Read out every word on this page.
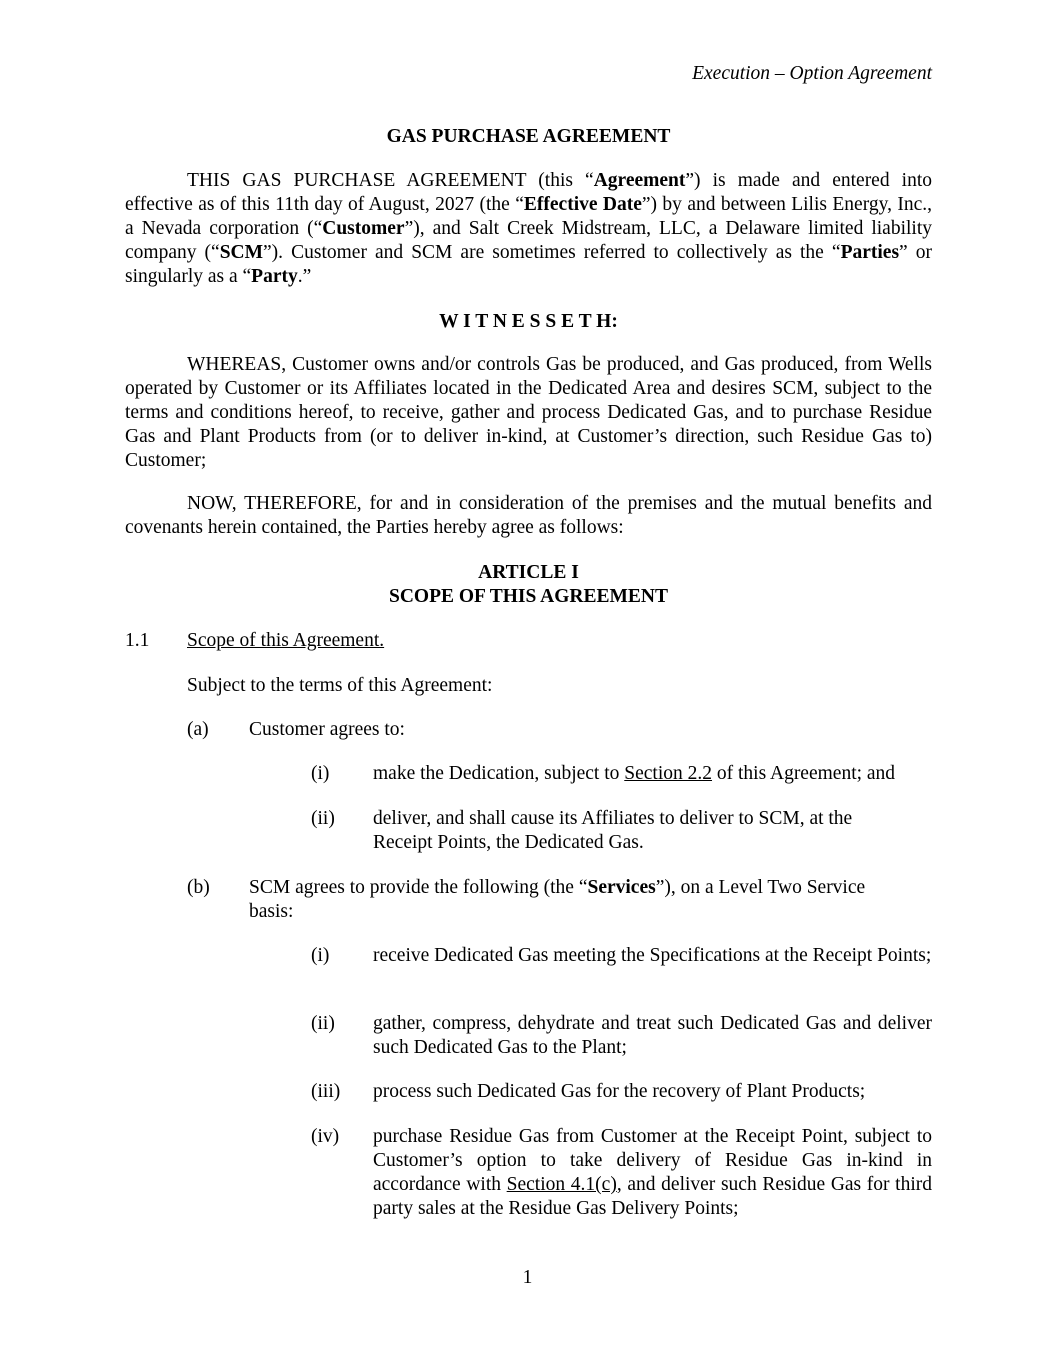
Execution – Option Agreement
GAS PURCHASE AGREEMENT

THIS GAS PURCHASE AGREEMENT (this “Agreement”) is made and entered into effective as of this 11th day of August, 2027 (the “Effective Date”) by and between Lilis Energy, Inc., a Nevada corporation (“Customer”), and Salt Creek Midstream, LLC, a Delaware limited liability company (“SCM”). Customer and SCM are sometimes referred to collectively as the “Parties” or singularly as a “Party.”

W I T N E S S E T H:

WHEREAS, Customer owns and/or controls Gas be produced, and Gas produced, from Wells operated by Customer or its Affiliates located in the Dedicated Area and desires SCM, subject to the terms and conditions hereof, to receive, gather and process Dedicated Gas, and to purchase Residue Gas and Plant Products from (or to deliver in-kind, at Customer’s direction, such Residue Gas to) Customer;

NOW, THEREFORE, for and in consideration of the premises and the mutual benefits and covenants herein contained, the Parties hereby agree as follows:

ARTICLE I
SCOPE OF THIS AGREEMENT
1.1 Scope of this Agreement.
Subject to the terms of this Agreement:
(a) Customer agrees to:
(i) make the Dedication, subject to Section 2.2 of this Agreement; and
(ii) deliver, and shall cause its Affiliates to deliver to SCM, at the Receipt Points, the Dedicated Gas.
(b) SCM agrees to provide the following (the “Services”), on a Level Two Service basis:
(i) receive Dedicated Gas meeting the Specifications at the Receipt Points;

(ii) gather, compress, dehydrate and treat such Dedicated Gas and deliver such Dedicated Gas to the Plant;

(iii) process such Dedicated Gas for the recovery of Plant Products;
(iv) purchase Residue Gas from Customer at the Receipt Point, subject to Customer’s option to take delivery of Residue Gas in-kind in accordance with Section 4.1(c), and deliver such Residue Gas for third party sales at the Residue Gas Delivery Points;

1
